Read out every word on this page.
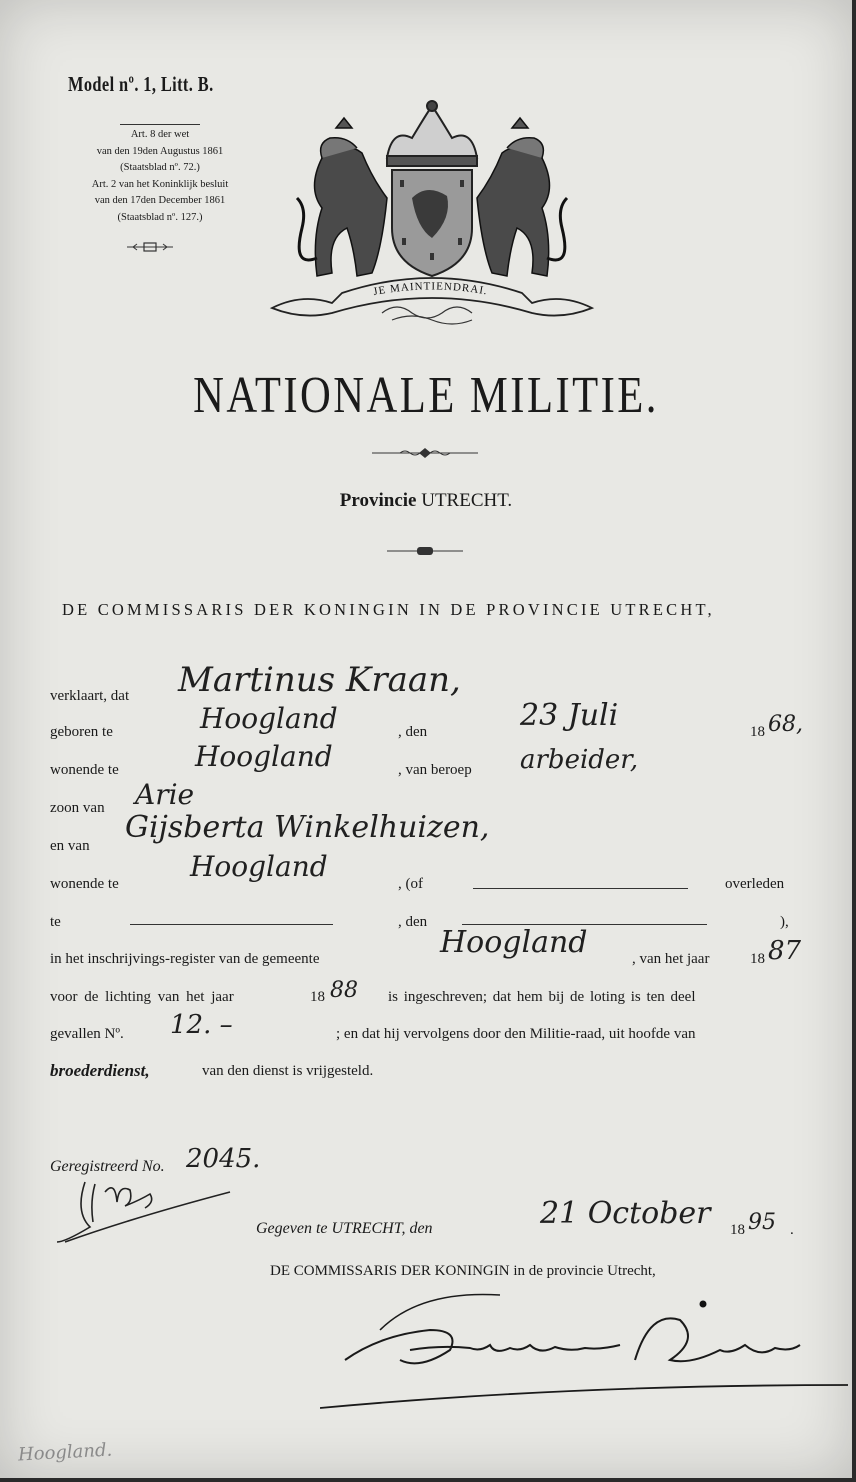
Model nº. 1, Litt. B.
Art. 8 der wet
van den 19den Augustus 1861
(Staatsblad nº. 72.)
Art. 2 van het Koninklijk besluit
van den 17den December 1861
(Staatsblad nº. 127.)
JE MAINTIENDRAI.
NATIONALE MILITIE.
Provincie UTRECHT.
DE COMMISSARIS DER KONINGIN IN DE PROVINCIE UTRECHT,
verklaart, dat Martinus Kraan,
geboren te	Hoogland	, den	23 Juli	18 68,
wonende te	Hoogland	, van beroep arbeider,
zoon van Arie
en van
Gijsberta Winkelhuizen,
wonende te
Hoogland
, (of	overleden
te	, den	),
in het inschrijvings-register van de gemeente	Hoogland	, van het jaar	18 87
voor de lichting van het jaar	18 88 is ingeschreven; dat hem bij de loting is ten deel
gevallen Nº. 12. –	; en dat hij vervolgens door den Militie-raad, uit hoofde van
broederdienst,	van den dienst is vrijgesteld.
Geregistreerd No. 2045.
Gegeven te UTRECHT, den	21 October 18 95 .
DE COMMISSARIS DER KONINGIN in de provincie Utrecht,
Hoogland.
